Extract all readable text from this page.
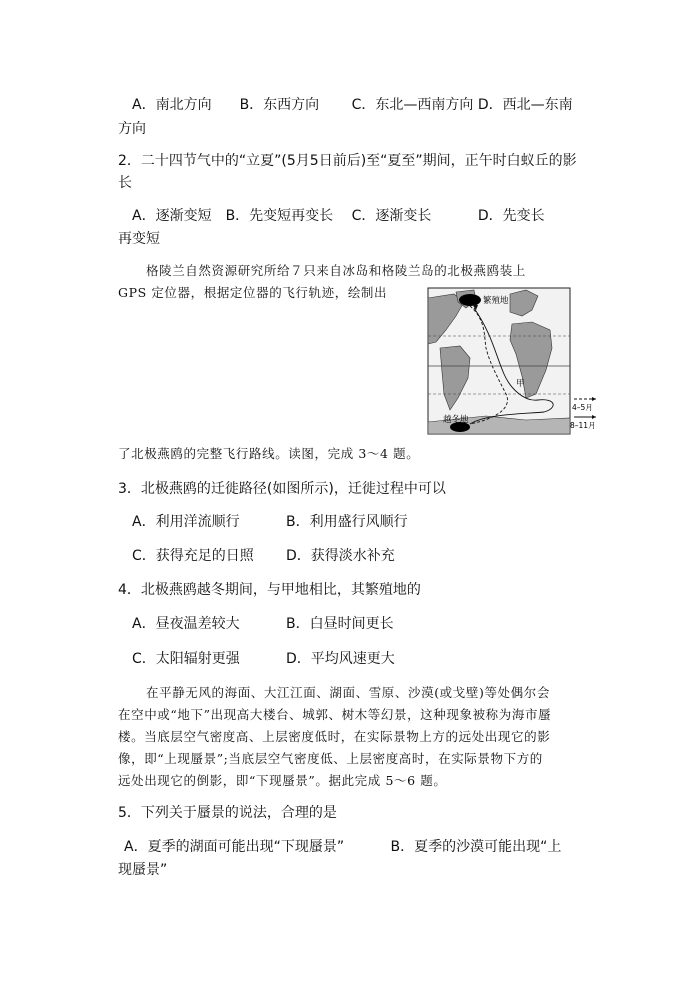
A．南北方向　　B．东西方向　　 C．东北—西南方向 D．西北—东南
方向
2．二十四节气中的“立夏”(5月5日前后)至“夏至”期间，正午时白蚁丘的影
长
A．逐渐变短　B．先变短再变长　 C．逐渐变长　　　 D．先变长
再变短
格陵兰自然资源研究所给７只来自冰岛和格陵兰岛的北极燕鸥装上
GPS 定位器，根据定位器的飞行轨迹，绘制出
了北极燕鸥的完整飞行路线。读图，完成 3～4 题。
繁殖地
越冬地
甲
4–5月
8–11月
3．北极燕鸥的迁徙路径(如图所示)，迁徙过程中可以
A．利用洋流顺行	B．利用盛行风顺行
C．获得充足的日照 D．获得淡水补充
4．北极燕鸥越冬期间，与甲地相比，其繁殖地的
A．昼夜温差较大	B．白昼时间更长
C．太阳辐射更强	D．平均风速更大
在平静无风的海面、大江江面、湖面、雪原、沙漠(或戈壁)等处偶尔会
在空中或“地下”出现高大楼台、城郭、树木等幻景，这种现象被称为海市蜃
楼。当底层空气密度高、上层密度低时，在实际景物上方的远处出现它的影
像，即“上现蜃景”;当底层空气密度低、上层密度高时，在实际景物下方的
远处出现它的倒影，即“下现蜃景”。据此完成 5～6 题。
5．下列关于蜃景的说法，合理的是
A．夏季的湖面可能出现“下现蜃景”　　　 B．夏季的沙漠可能出现“上
现蜃景”
